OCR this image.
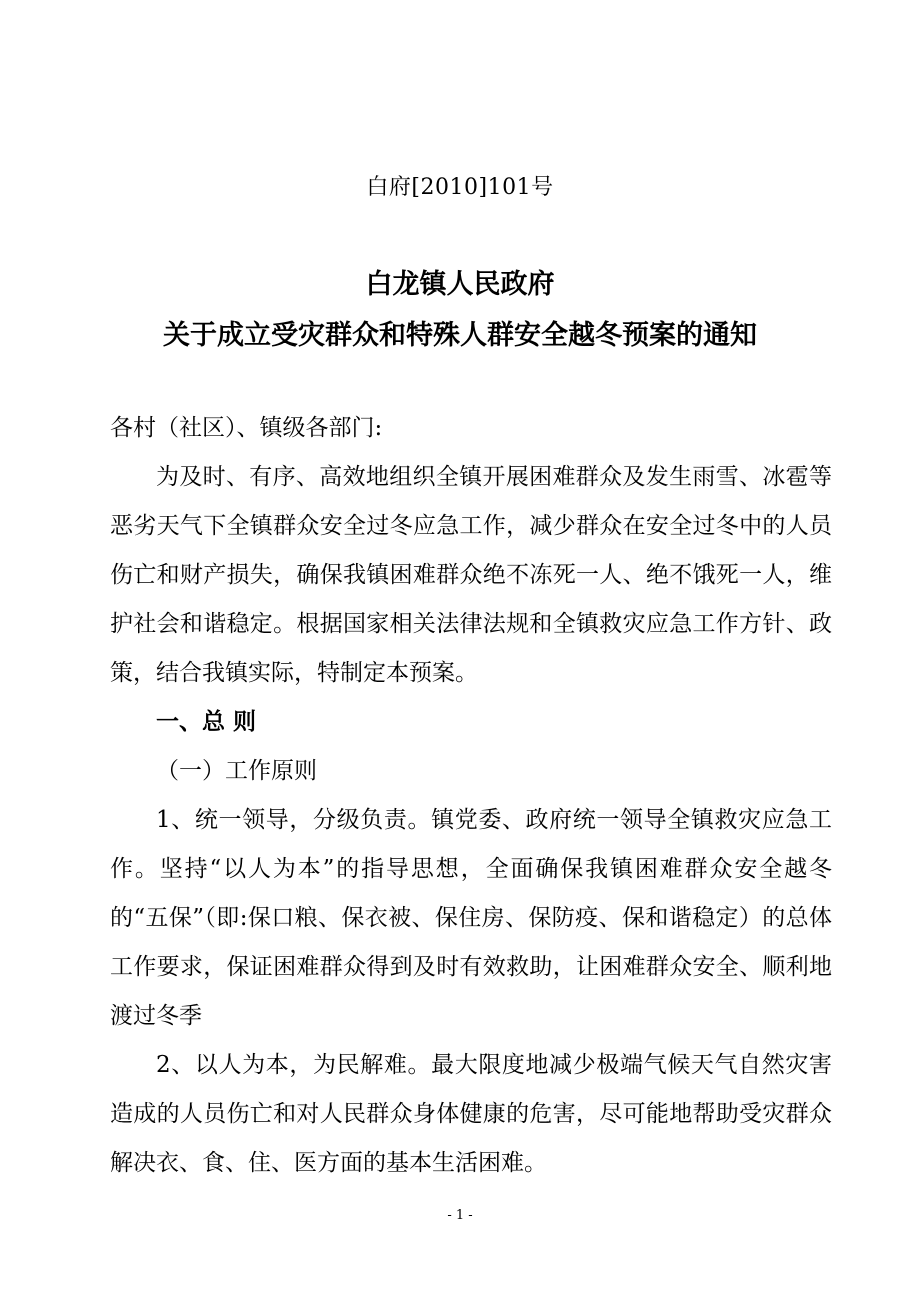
白府[2010]101号
白龙镇人民政府
关于成立受灾群众和特殊人群安全越冬预案的通知

各村（社区）、镇级各部门:

为及时、有序、高效地组织全镇开展困难群众及发生雨雪、冰雹等恶劣天气下全镇群众安全过冬应急工作，减少群众在安全过冬中的人员伤亡和财产损失，确保我镇困难群众绝不冻死一人、绝不饿死一人，维护社会和谐稳定。根据国家相关法律法规和全镇救灾应急工作方针、政策，结合我镇实际，特制定本预案。

一、总 则

（一）工作原则

1、统一领导，分级负责。镇党委、政府统一领导全镇救灾应急工作。坚持“以人为本”的指导思想，全面确保我镇困难群众安全越冬的“五保”（即:保口粮、保衣被、保住房、保防疫、保和谐稳定）的总体工作要求，保证困难群众得到及时有效救助，让困难群众安全、顺利地渡过冬季

2、以人为本，为民解难。最大限度地减少极端气候天气自然灾害造成的人员伤亡和对人民群众身体健康的危害，尽可能地帮助受灾群众解决衣、食、住、医方面的基本生活困难。

- 1 -
